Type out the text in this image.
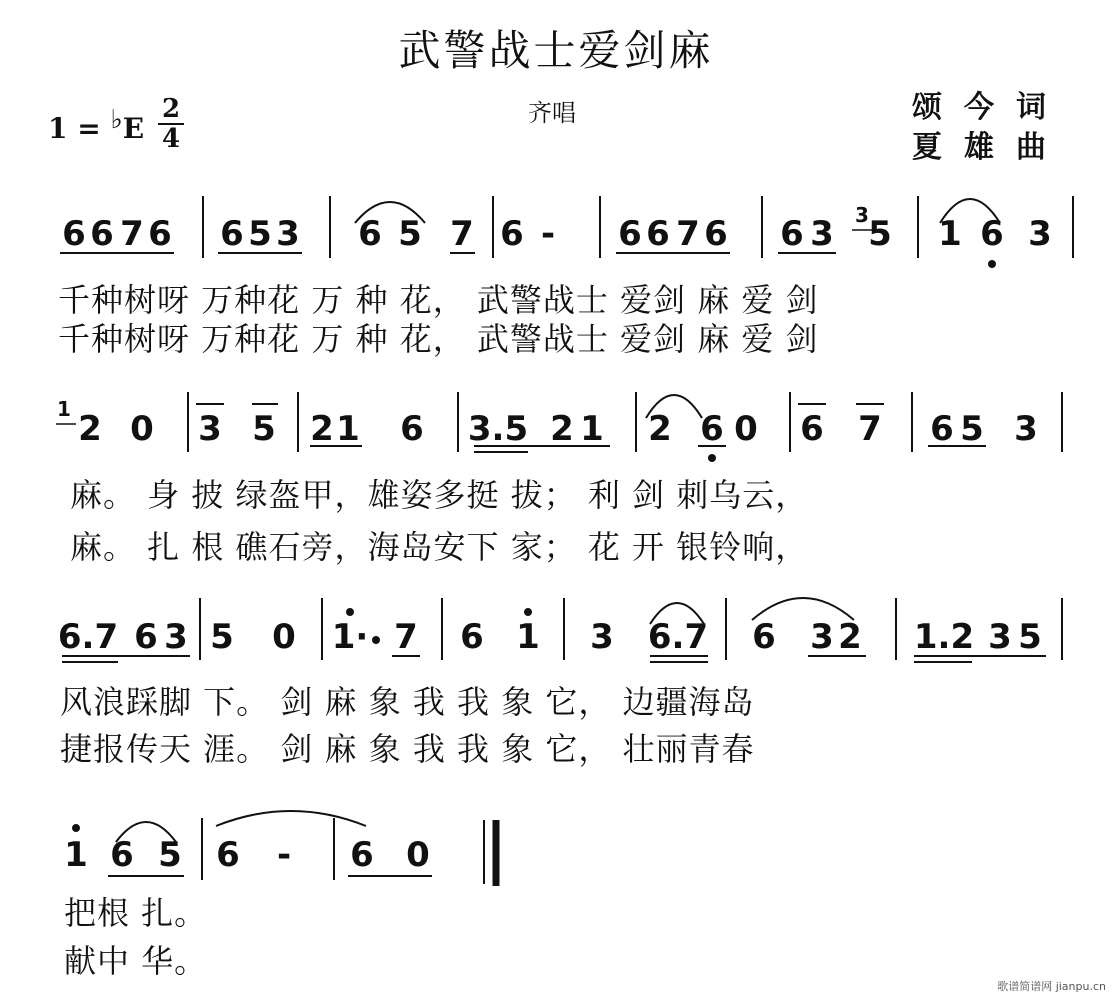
武警战士爱剑麻
齐唱
1 = ♭E
2
4
颂今词
夏雄曲
6 6 7 6 6 5 3 6 5 7 6 - 6 6 7 6 6 3 5 1 6 3
3
2 0 3 5 2 1 6 3.5 2 1 2 6 0 6 7 6 5 3
1
6.7 6 3 5 0 1· 7 6 1 3 6.7 6 3 2 1.2 3 5
1 6 5 6 - 6 0
千种树呀 万种花 万 种 花， 武警战士 爱剑 麻 爱 剑
千种树呀 万种花 万 种 花， 武警战士 爱剑 麻 爱 剑
麻。 身 披 绿盔甲，雄姿多挺 拔； 利 剑 刺乌云，
麻。 扎 根 礁石旁，海岛安下 家； 花 开 银铃响，
风浪踩脚 下。 剑 麻 象 我 我 象 它， 边疆海岛
捷报传天 涯。 剑 麻 象 我 我 象 它， 壮丽青春
把根 扎。
献中 华。
歌谱简谱网 jianpu.cn
